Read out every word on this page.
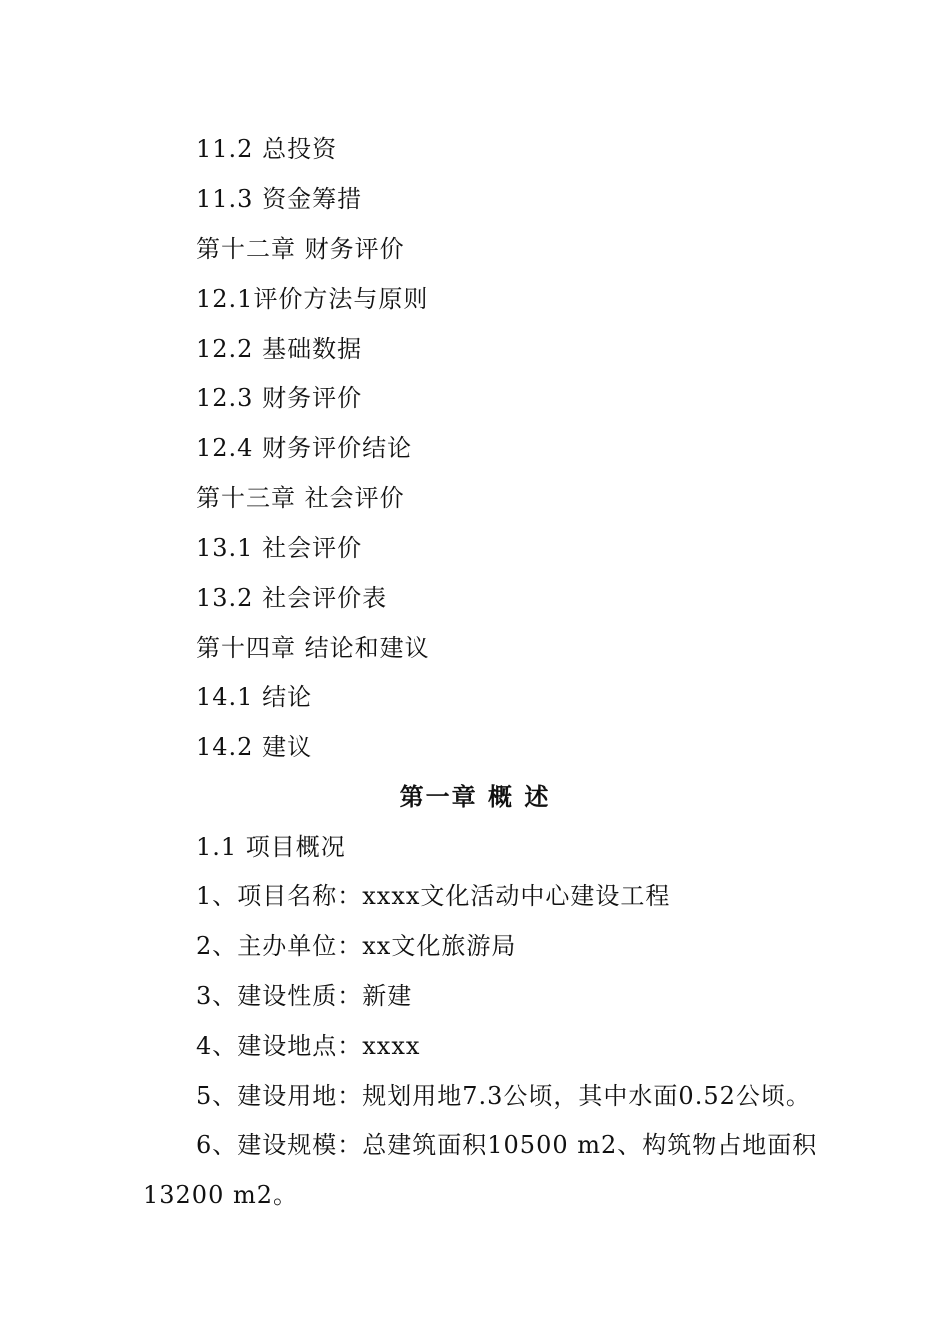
11.2 总投资
11.3 资金筹措
第十二章 财务评价
12.1评价方法与原则
12.2 基础数据
12.3 财务评价
12.4 财务评价结论
第十三章 社会评价
13.1 社会评价
13.2 社会评价表
第十四章 结论和建议
14.1 结论
14.2 建议
第一章 概 述
1.1 项目概况
1、项目名称：xxxx文化活动中心建设工程
2、主办单位：xx文化旅游局
3、建设性质：新建
4、建设地点：xxxx
5、建设用地：规划用地7.3公顷，其中水面0.52公顷。
6、建设规模：总建筑面积10500 m2、构筑物占地面积
13200 m2。
